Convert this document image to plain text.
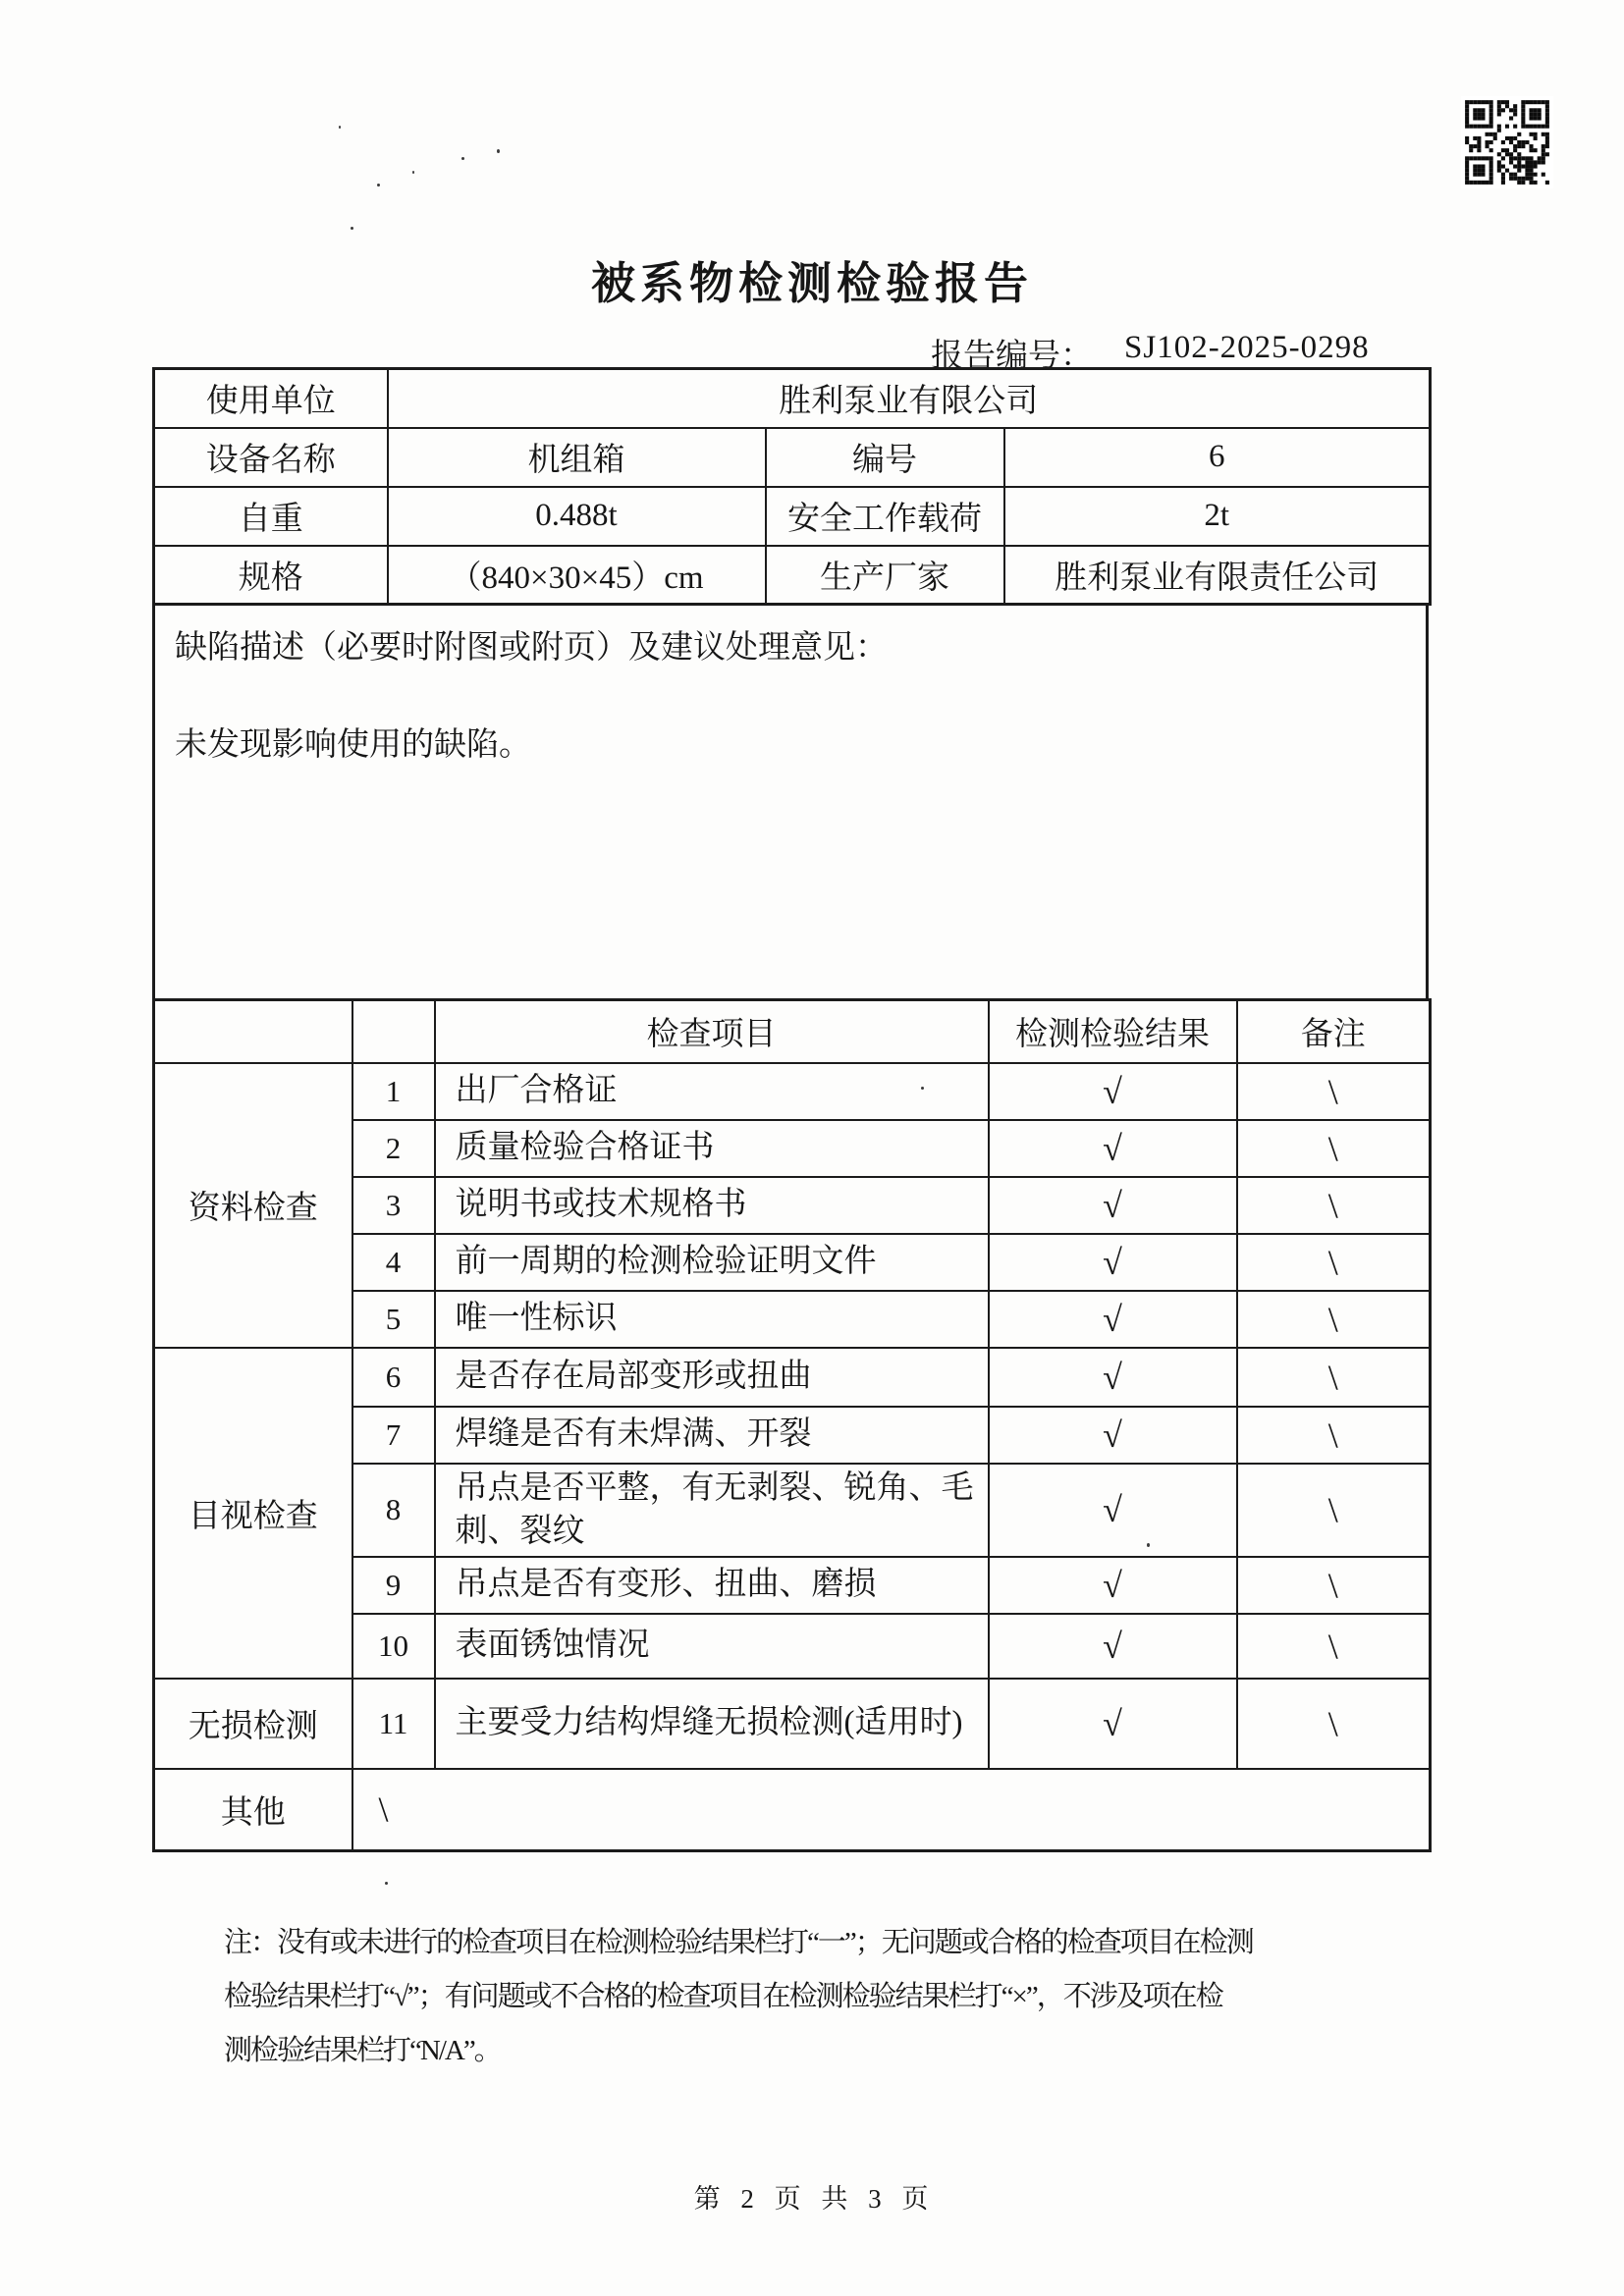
被系物检测检验报告
报告编号： SJ102-2025-0298
使用单位	胜利泵业有限公司		
设备名称	机组箱	编号	6
自重	0.488t	安全工作载荷	2t
规格	（840×30×45）cm	生产厂家	胜利泵业有限责任公司
缺陷描述（必要时附图或附页）及建议处理意见：
未发现影响使用的缺陷。
		检查项目	检测检验结果	备注
资料检查	1	出厂合格证	√	\
	2	质量检验合格证书	√	\
	3	说明书或技术规格书	√	\
	4	前一周期的检测检验证明文件	√	\
	5	唯一性标识	√	\
目视检查	6	是否存在局部变形或扭曲	√	\
	7	焊缝是否有未焊满、开裂	√	\
	8	吊点是否平整，有无剥裂、锐角、毛刺、裂纹	√	\
	9	吊点是否有变形、扭曲、磨损	√	\
	10	表面锈蚀情况	√	\
无损检测	11	主要受力结构焊缝无损检测(适用时)	√	\
其他	\			
注：没有或未进行的检查项目在检测检验结果栏打“一”；无问题或合格的检查项目在检测
检验结果栏打“√”；有问题或不合格的检查项目在检测检验结果栏打“×”，不涉及项在检
测检验结果栏打“N/A”。
第 2 页 共 3 页
